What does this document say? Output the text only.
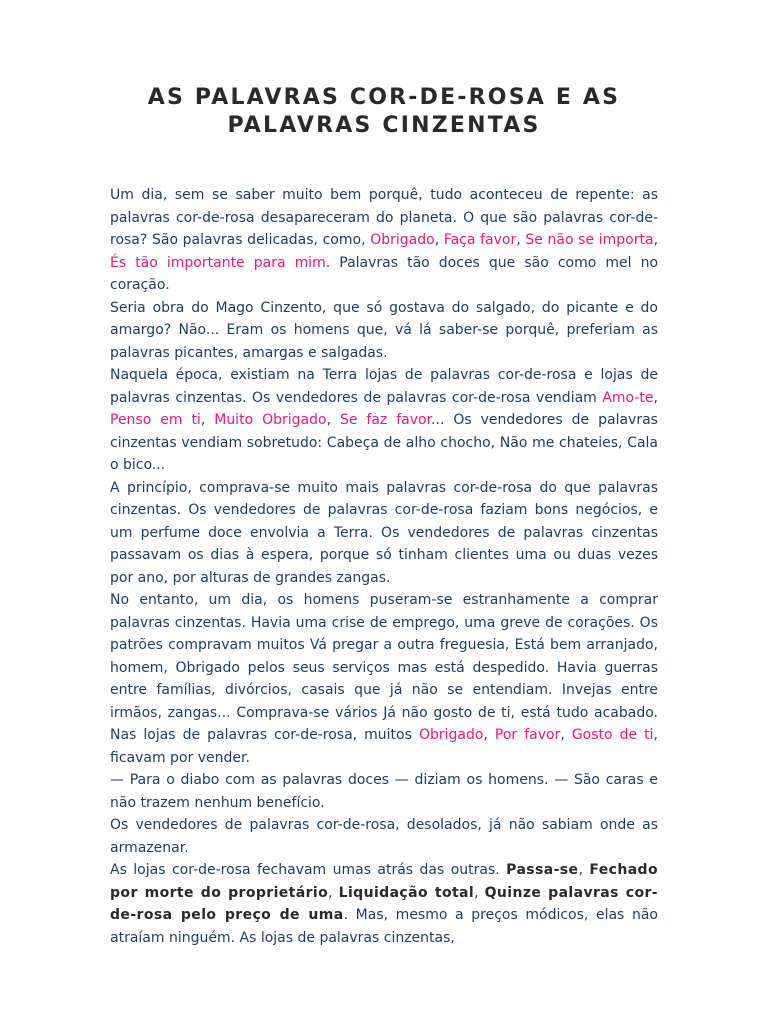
AS PALAVRAS COR-DE-ROSA E AS PALAVRAS CINZENTAS

Um dia, sem se saber muito bem porquê, tudo aconteceu de repente: as palavras cor-de-rosa desapareceram do planeta. O que são palavras cor-de-rosa? São palavras delicadas, como, Obrigado, Faça favor, Se não se importa, És tão importante para mim. Palavras tão doces que são como mel no coração.

Seria obra do Mago Cinzento, que só gostava do salgado, do picante e do amargo? Não... Eram os homens que, vá lá saber-se porquê, preferiam as palavras picantes, amargas e salgadas.

Naquela época, existiam na Terra lojas de palavras cor-de-rosa e lojas de palavras cinzentas. Os vendedores de palavras cor-de-rosa vendiam Amo-te, Penso em ti, Muito Obrigado, Se faz favor... Os vendedores de palavras cinzentas vendiam sobretudo: Cabeça de alho chocho, Não me chateies, Cala o bico...

A princípio, comprava-se muito mais palavras cor-de-rosa do que palavras cinzentas. Os vendedores de palavras cor-de-rosa faziam bons negócios, e um perfume doce envolvia a Terra. Os vendedores de palavras cinzentas passavam os dias à espera, porque só tinham clientes uma ou duas vezes por ano, por alturas de grandes zangas.

No entanto, um dia, os homens puseram-se estranhamente a comprar palavras cinzentas. Havia uma crise de emprego, uma greve de corações. Os patrões compravam muitos Vá pregar a outra freguesia, Está bem arranjado, homem, Obrigado pelos seus serviços mas está despedido. Havia guerras entre famílias, divórcios, casais que já não se entendiam. Invejas entre irmãos, zangas... Comprava-se vários Já não gosto de ti, está tudo acabado. Nas lojas de palavras cor-de-rosa, muitos Obrigado, Por favor, Gosto de ti, ficavam por vender.

— Para o diabo com as palavras doces — diziam os homens. — São caras e não trazem nenhum benefício.

Os vendedores de palavras cor-de-rosa, desolados, já não sabiam onde as armazenar.

As lojas cor-de-rosa fechavam umas atrás das outras. Passa-se, Fechado por morte do proprietário, Liquidação total, Quinze palavras cor-de-rosa pelo preço de uma. Mas, mesmo a preços módicos, elas não atraíam ninguém. As lojas de palavras cinzentas,
